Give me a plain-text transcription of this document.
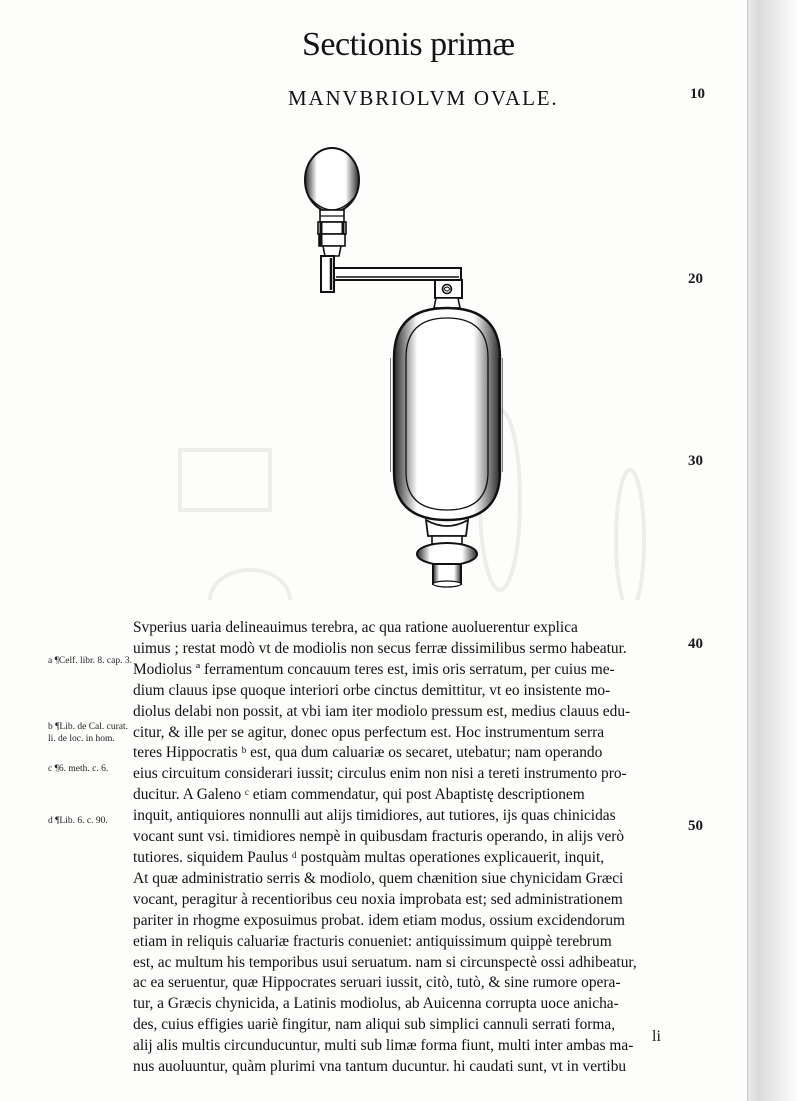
Sectionis primæ
MANVBRIOLVM OVALE.	10
20
30
40
50
a ¶Celf. libr. 8. cap. 3.
b ¶Lib. de Cal. curat. li. de loc. in hom.
c ¶6. meth. c. 6.
d ¶Lib. 6. c. 90.
Svperius uaria delineauimus terebra, ac qua ratione auoluerentur explica
uimus ; restat modò vt de modiolis non secus ferræ dissimilibus sermo habeatur.
Modiolus ª ferramentum concauum teres est, imis oris serratum, per cuius me-
dium clauus ipse quoque interiori orbe cinctus demittitur, vt eo insistente mo-
diolus delabi non possit, at vbi iam iter modiolo pressum est, medius clauus edu-
citur, & ille per se agitur, donec opus perfectum est. Hoc instrumentum serra
teres Hippocratis ᵇ est, qua dum caluariæ os secaret, utebatur; nam operando
eius circuitum considerari iussit; circulus enim non nisi a tereti instrumento pro-
ducitur. A Galeno ᶜ etiam commendatur, qui post Abaptistę descriptionem
inquit, antiquiores nonnulli aut alijs timidiores, aut tutiores, ijs quas chinicidas
vocant sunt vsi. timidiores nempè in quibusdam fracturis operando, in alijs verò
tutiores. siquidem Paulus ᵈ postquàm multas operationes explicauerit, inquit,
At quæ administratio serris & modiolo, quem chænition siue chynicidam Græci
vocant, peragitur à recentioribus ceu noxia improbata est; sed administrationem
pariter in rhogme exposuimus probat. idem etiam modus, ossium excidendorum
etiam in reliquis caluariæ fracturis conueniet: antiquissimum quippè terebrum
est, ac multum his temporibus usui seruatum. nam si circunspectè ossi adhibeatur,
ac ea seruentur, quæ Hippocrates seruari iussit, citò, tutò, & sine rumore opera-
tur, a Græcis chynicida, a Latinis modiolus, ab Auicenna corrupta uoce anicha-
des, cuius effigies uariè fingitur, nam aliqui sub simplici cannuli serrati forma,
alij alis multis circunducuntur, multi sub limæ forma fiunt, multi inter ambas ma-
nus auoluuntur, quàm plurimi vna tantum ducuntur. hi caudati sunt, vt in vertibu
li
